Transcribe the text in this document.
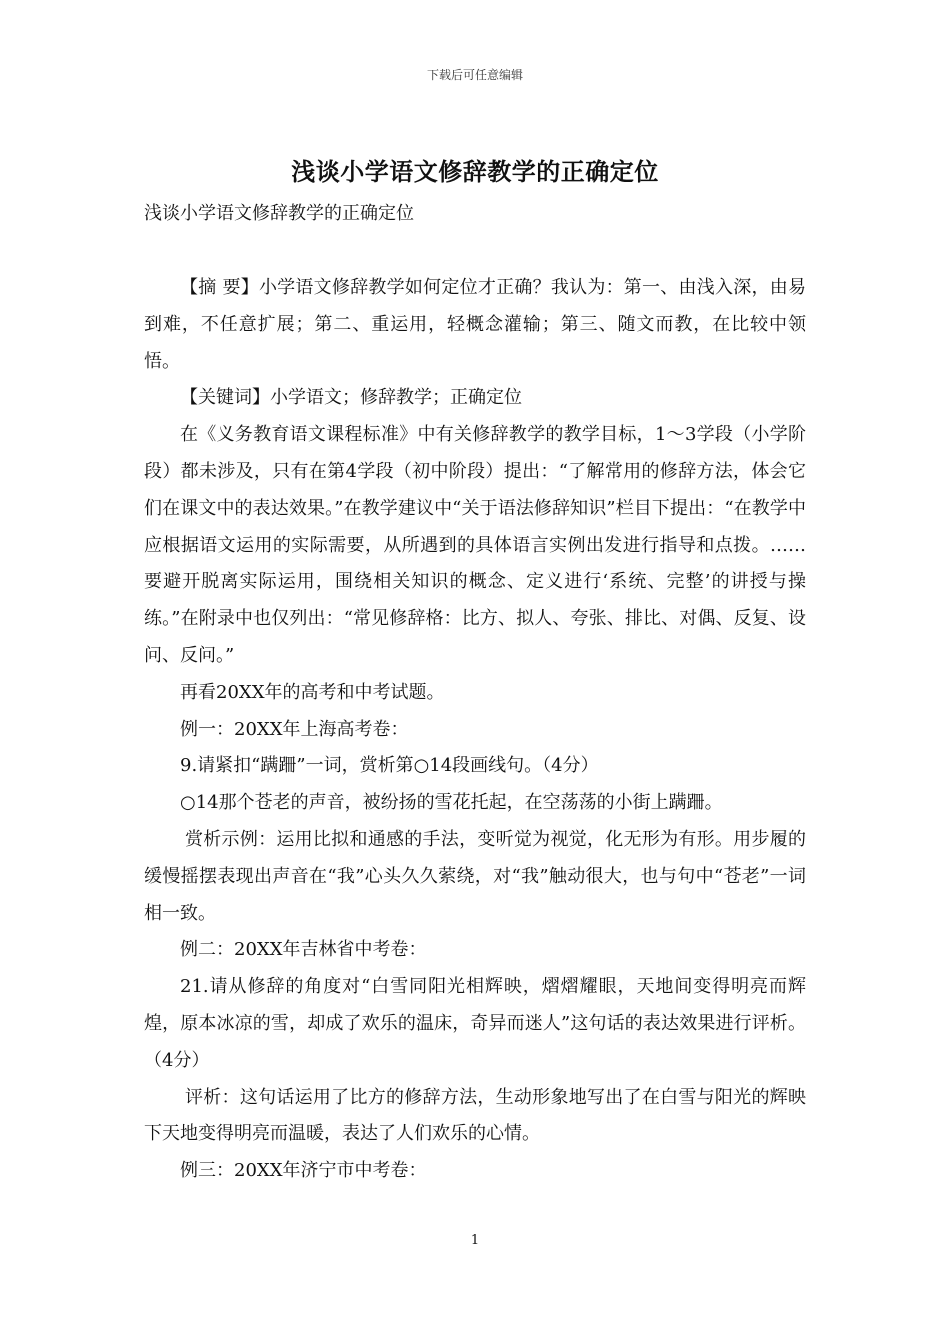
下载后可任意编辑
浅谈小学语文修辞教学的正确定位
浅谈小学语文修辞教学的正确定位

【摘 要】小学语文修辞教学如何定位才正确？我认为：第一、由浅入深，由易到难，不任意扩展；第二、重运用，轻概念灌输；第三、随文而教，在比较中领悟。

【关键词】小学语文；修辞教学；正确定位

在《义务教育语文课程标准》中有关修辞教学的教学目标，1～3学段（小学阶段）都未涉及，只有在第4学段（初中阶段）提出：“了解常用的修辞方法，体会它们在课文中的表达效果。”在教学建议中“关于语法修辞知识”栏目下提出：“在教学中应根据语文运用的实际需要，从所遇到的具体语言实例出发进行指导和点拨。……要避开脱离实际运用，围绕相关知识的概念、定义进行‘系统、完整’的讲授与操练。”在附录中也仅列出：“常见修辞格：比方、拟人、夸张、排比、对偶、反复、设问、反问。”

再看20XX年的高考和中考试题。

例一：20XX年上海高考卷：

9.请紧扣“蹒跚”一词，赏析第○14段画线句。（4分）

○14那个苍老的声音，被纷扬的雪花托起，在空荡荡的小街上蹒跚。

赏析示例：运用比拟和通感的手法，变听觉为视觉，化无形为有形。用步履的缓慢摇摆表现出声音在“我”心头久久萦绕，对“我”触动很大，也与句中“苍老”一词相一致。

例二：20XX年吉林省中考卷：

21.请从修辞的角度对“白雪同阳光相辉映，熠熠耀眼，天地间变得明亮而辉煌，原本冰凉的雪，却成了欢乐的温床，奇异而迷人”这句话的表达效果进行评析。（4分）

评析：这句话运用了比方的修辞方法，生动形象地写出了在白雪与阳光的辉映下天地变得明亮而温暖，表达了人们欢乐的心情。

例三：20XX年济宁市中考卷：

1
